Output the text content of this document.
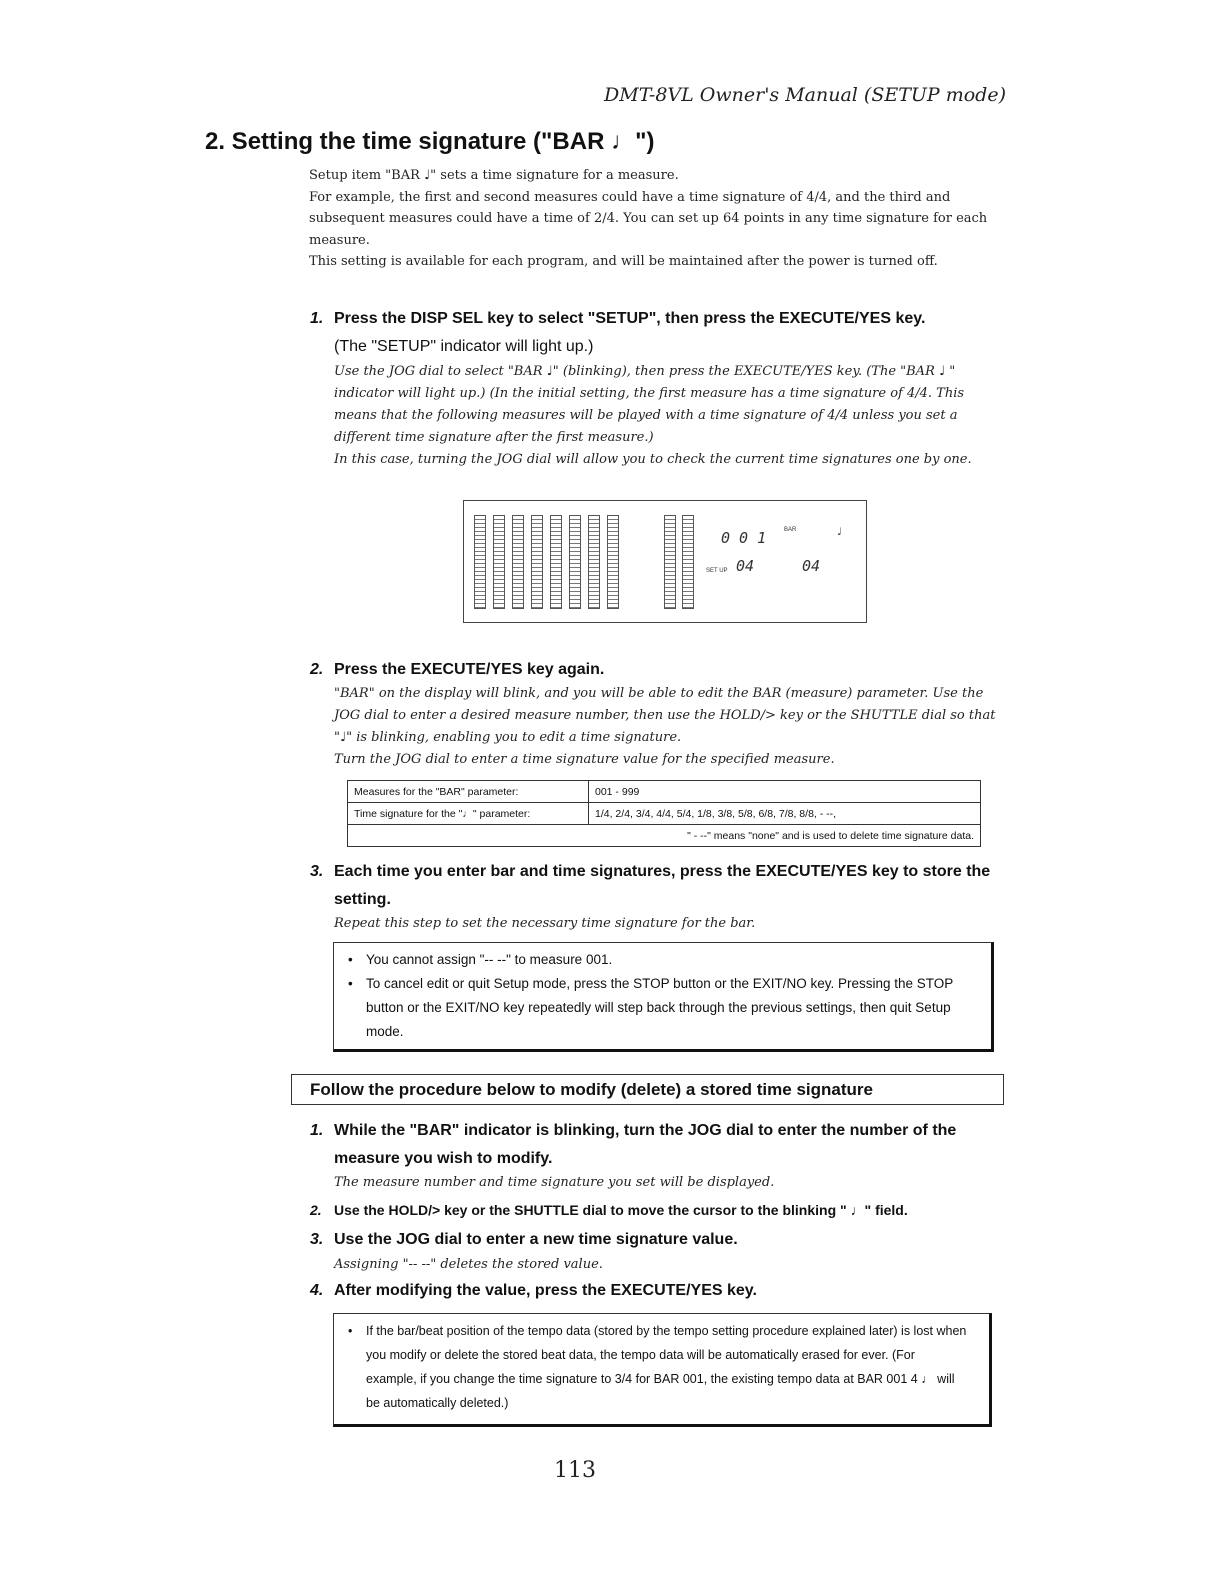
DMT-8VL Owner's Manual (SETUP mode)
2. Setting the time signature ("BAR ♩")

Setup item "BAR ♩" sets a time signature for a measure.

For example, the first and second measures could have a time signature of 4/4, and the third and subsequent measures could have a time of 2/4. You can set up 64 points in any time signature for each measure.

This setting is available for each program, and will be maintained after the power is turned off.

1. Press the DISP SEL key to select "SETUP", then press the EXECUTE/YES key.
(The "SETUP" indicator will light up.)

Use the JOG dial to select "BAR ♩" (blinking), then press the EXECUTE/YES key. (The "BAR ♩ " indicator will light up.) (In the initial setting, the first measure has a time signature of 4/4. This means that the following measures will be played with a time signature of 4/4 unless you set a different time signature after the first measure.)

In this case, turning the JOG dial will allow you to check the current time signatures one by one.

0 0 1	BAR	♩
SET UP 04	04
2. Press the EXECUTE/YES key again.

"BAR" on the display will blink, and you will be able to edit the BAR (measure) parameter. Use the JOG dial to enter a desired measure number, then use the HOLD/> key or the SHUTTLE dial so that "♩" is blinking, enabling you to edit a time signature.

Turn the JOG dial to enter a time signature value for the specified measure.

Measures for the "BAR" parameter:	001 - 999
Time signature for the "♩" parameter:	1/4, 2/4, 3/4, 4/4, 5/4, 1/8, 3/8, 5/8, 6/8, 7/8, 8/8, - --,
" - --" means "none" and is used to delete time signature data.	
3. Each time you enter bar and time signatures, press the EXECUTE/YES key to store the setting.

Repeat this step to set the necessary time signature for the bar.

• You cannot assign "-- --" to measure 001.
• To cancel edit or quit Setup mode, press the STOP button or the EXIT/NO key. Pressing the STOP button or the EXIT/NO key repeatedly will step back through the previous settings, then quit Setup mode.
Follow the procedure below to modify (delete) a stored time signature
1. While the "BAR" indicator is blinking, turn the JOG dial to enter the number of the measure you wish to modify.
The measure number and time signature you set will be displayed.
2. Use the HOLD/> key or the SHUTTLE dial to move the cursor to the blinking " ♩" field.
3. Use the JOG dial to enter a new time signature value.
Assigning "-- --" deletes the stored value.
4. After modifying the value, press the EXECUTE/YES key.
• If the bar/beat position of the tempo data (stored by the tempo setting procedure explained later) is lost when you modify or delete the stored beat data, the tempo data will be automatically erased for ever. (For example, if you change the time signature to 3/4 for BAR 001, the existing tempo data at BAR 001 4 ♩ will be automatically deleted.)
113
